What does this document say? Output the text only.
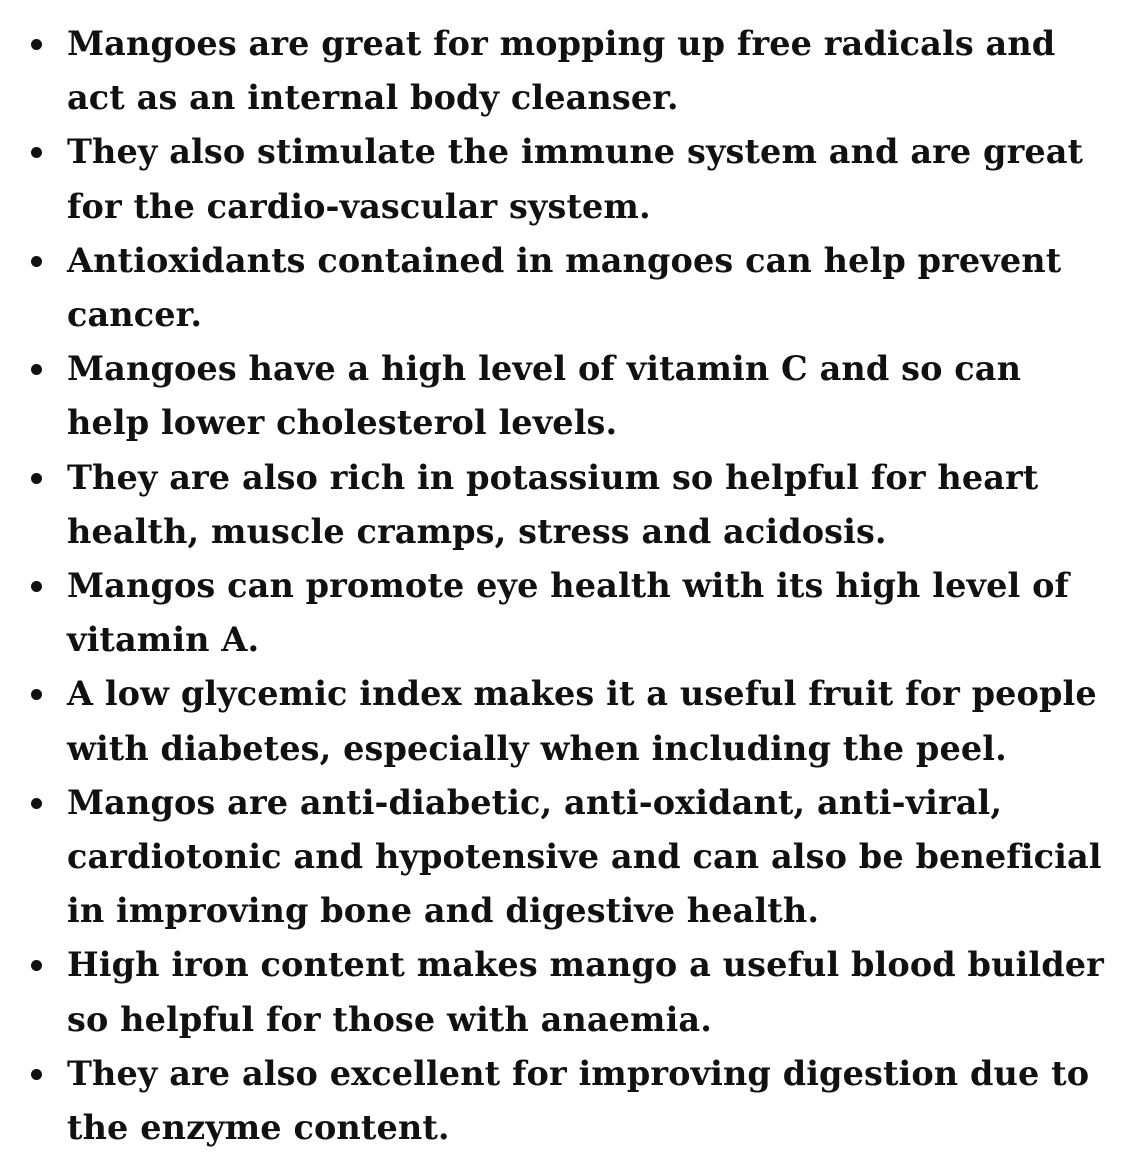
Mangoes are great for mopping up free radicals and act as an internal body cleanser.
They also stimulate the immune system and are great for the cardio-vascular system.
Antioxidants contained in mangoes can help prevent cancer.
Mangoes have a high level of vitamin C and so can help lower cholesterol levels.
They are also rich in potassium so helpful for heart health, muscle cramps, stress and acidosis.
Mangos can promote eye health with its high level of vitamin A.
A low glycemic index makes it a useful fruit for people with diabetes, especially when including the peel.
Mangos are anti-diabetic, anti-oxidant, anti-viral, cardiotonic and hypotensive and can also be beneficial in improving bone and digestive health.
High iron content makes mango a useful blood builder so helpful for those with anaemia.
They are also excellent for improving digestion due to the enzyme content.
